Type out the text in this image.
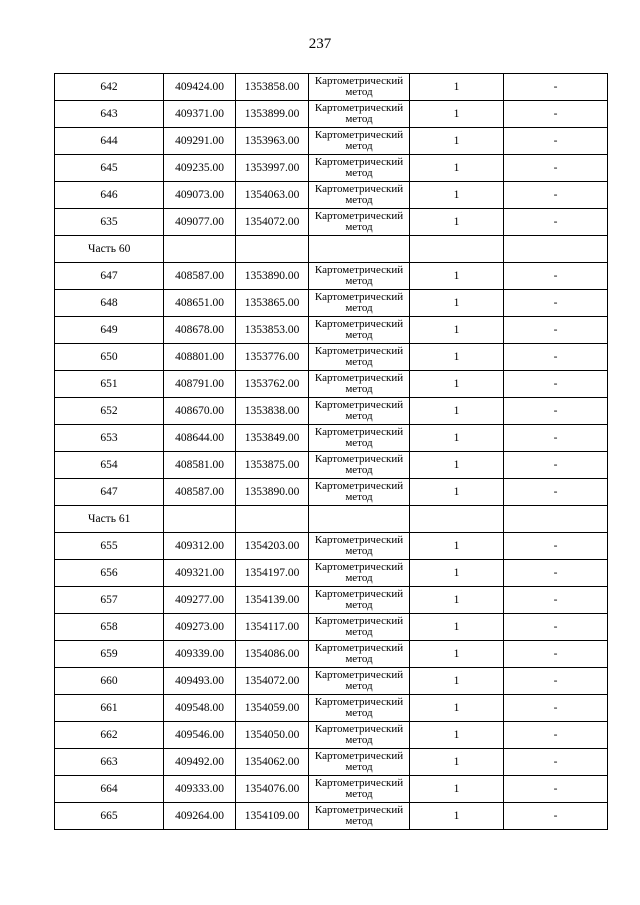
237
642	409424.00	1353858.00	Картометрический метод	1	-
643	409371.00	1353899.00	Картометрический метод	1	-
644	409291.00	1353963.00	Картометрический метод	1	-
645	409235.00	1353997.00	Картометрический метод	1	-
646	409073.00	1354063.00	Картометрический метод	1	-
635	409077.00	1354072.00	Картометрический метод	1	-
Часть 60					
647	408587.00	1353890.00	Картометрический метод	1	-
648	408651.00	1353865.00	Картометрический метод	1	-
649	408678.00	1353853.00	Картометрический метод	1	-
650	408801.00	1353776.00	Картометрический метод	1	-
651	408791.00	1353762.00	Картометрический метод	1	-
652	408670.00	1353838.00	Картометрический метод	1	-
653	408644.00	1353849.00	Картометрический метод	1	-
654	408581.00	1353875.00	Картометрический метод	1	-
647	408587.00	1353890.00	Картометрический метод	1	-
Часть 61					
655	409312.00	1354203.00	Картометрический метод	1	-
656	409321.00	1354197.00	Картометрический метод	1	-
657	409277.00	1354139.00	Картометрический метод	1	-
658	409273.00	1354117.00	Картометрический метод	1	-
659	409339.00	1354086.00	Картометрический метод	1	-
660	409493.00	1354072.00	Картометрический метод	1	-
661	409548.00	1354059.00	Картометрический метод	1	-
662	409546.00	1354050.00	Картометрический метод	1	-
663	409492.00	1354062.00	Картометрический метод	1	-
664	409333.00	1354076.00	Картометрический метод	1	-
665	409264.00	1354109.00	Картометрический метод	1	-
